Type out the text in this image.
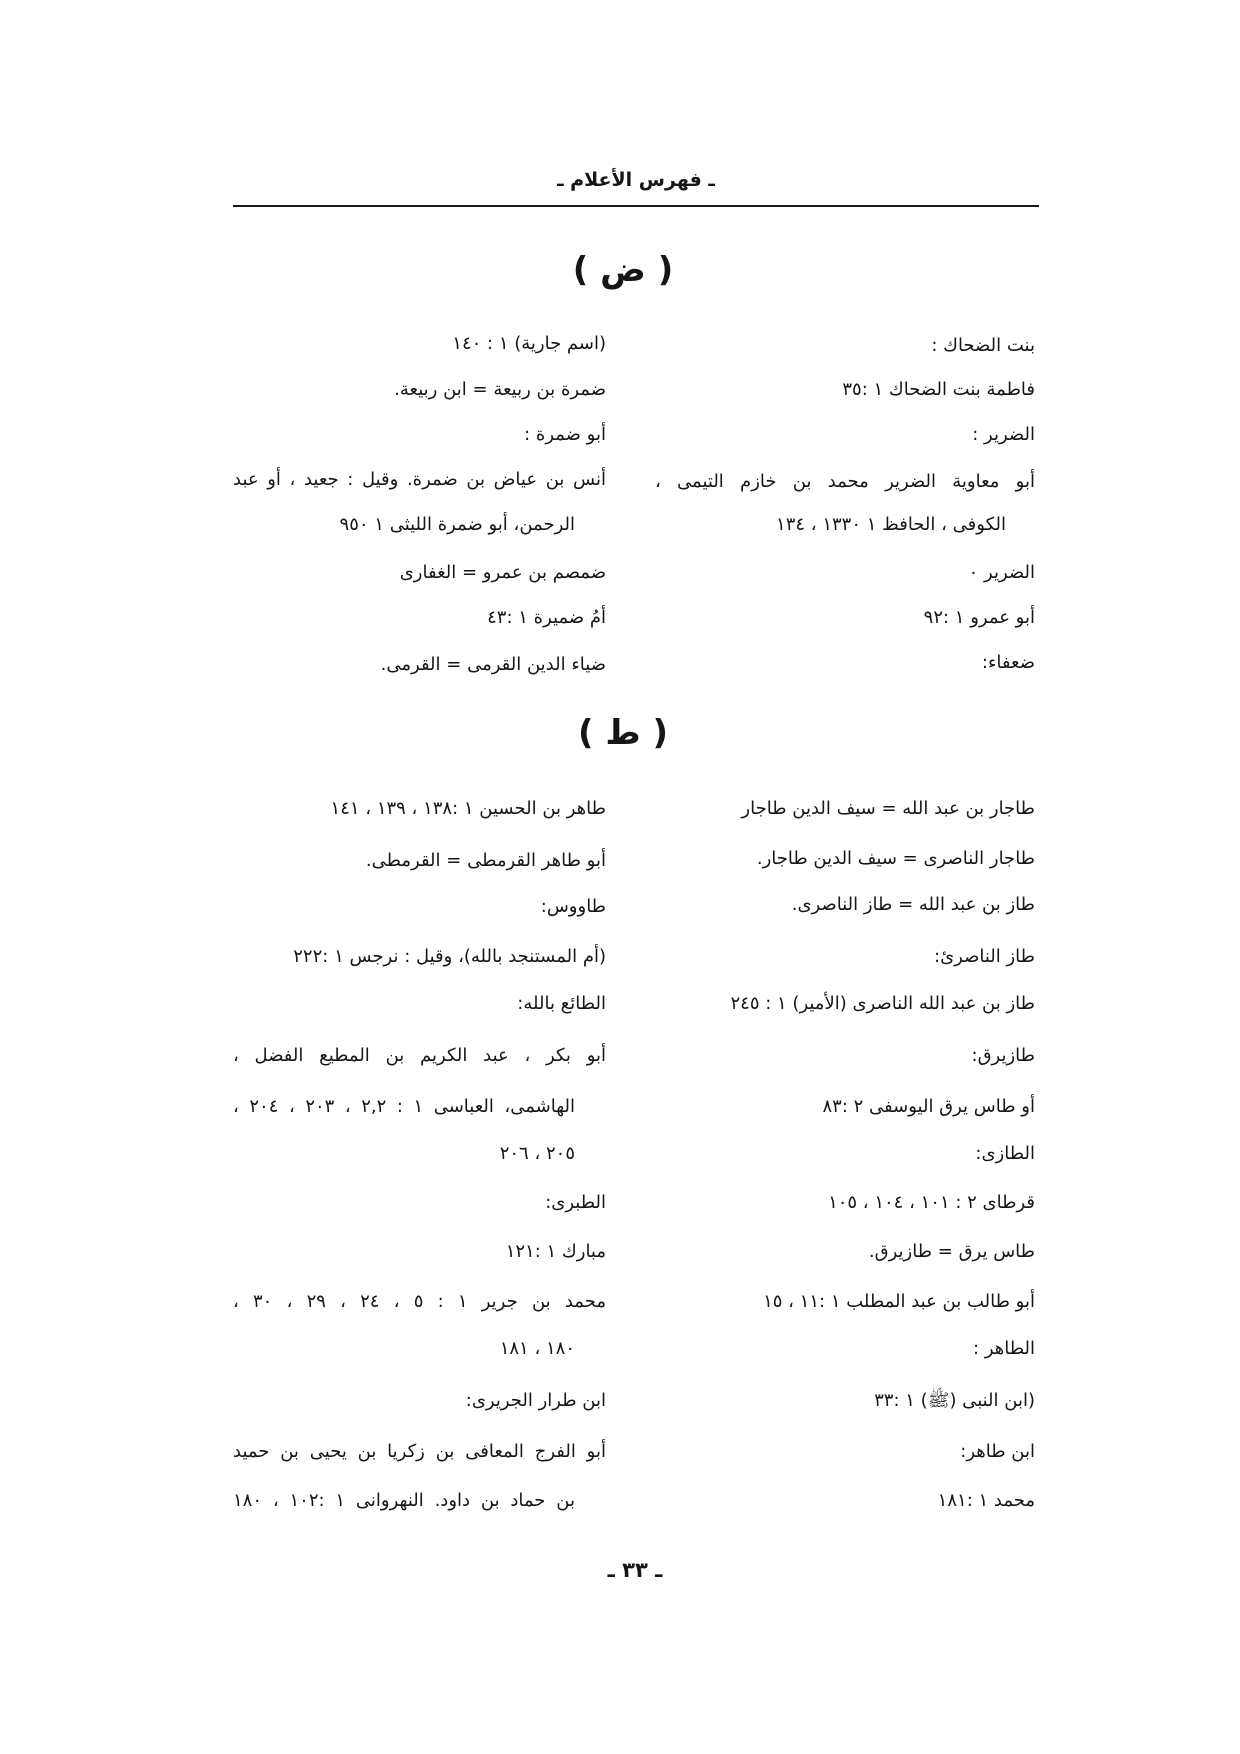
ـ فهرس الأعلام ـ
( ض )
بنت الضحاك :
فاطمة بنت الضحاك ١ :٣٥
الضرير :
أبو معاوية الضرير محمد بن خازم التيمى ،
الكوفى ، الحافظ ١ ١٣٣٠ ، ١٣٤
الضرير ٠
أبو عمرو ١ :٩٢
ضعفاء:
(اسم جارية) ١ : ١٤٠
ضمرة بن ربيعة = ابن ربيعة.
أبو ضمرة :
أنس بن عياض بن ضمرة. وقيل : جعيد ، أو عبد
الرحمن، أبو ضمرة الليثى ١ ٩٥٠
ضمصم بن عمرو = الغفارى
أمُ ضميرة ١ :٤٣
ضياء الدين القرمى = القرمى.
( ط )
طاجار بن عبد الله = سيف الدين طاجار
طاجار الناصرى = سيف الدين طاجار.
طاز بن عبد الله = طاز الناصرى.
طاز الناصرئ:
طاز بن عبد الله الناصرى (الأمير) ١ : ٢٤٥
طازيرق:
أو طاس يرق اليوسفى ٢ :٨٣
الطازى:
قرطاى ٢ : ١٠١ ، ١٠٤ ، ١٠٥
طاس يرق = طازيرق.
أبو طالب بن عبد المطلب ١ :١١ ، ١٥
الطاهر :
(ابن النبى (ﷺ) ١ :٣٣
ابن طاهر:
محمد ١ :١٨١
طاهر بن الحسين ١ :١٣٨ ، ١٣٩ ، ١٤١
أبو طاهر القرمطى = القرمطى.
طاووس:
(أم المستنجد بالله)، وقيل : نرجس ١ :٢٢٢
الطائع بالله:
أبو بكر ، عبد الكريم بن المطيع الفضل ،
الهاشمى، العباسى ١ : ٢,٢ ، ٢٠٣ ، ٢٠٤ ،
٢٠٥ ، ٢٠٦
الطبرى:
مبارك ١ :١٢١
محمد بن جرير ١ : ٥ ، ٢٤ ، ٢٩ ، ٣٠ ،
١٨٠ ، ١٨١
ابن طرار الجريرى:
أبو الفرج المعافى بن زكريا بن يحيى بن حميد
بن حماد بن داود. النهروانى ١ :١٠٢ ، ١٨٠
ـ ٣٣ ـ
